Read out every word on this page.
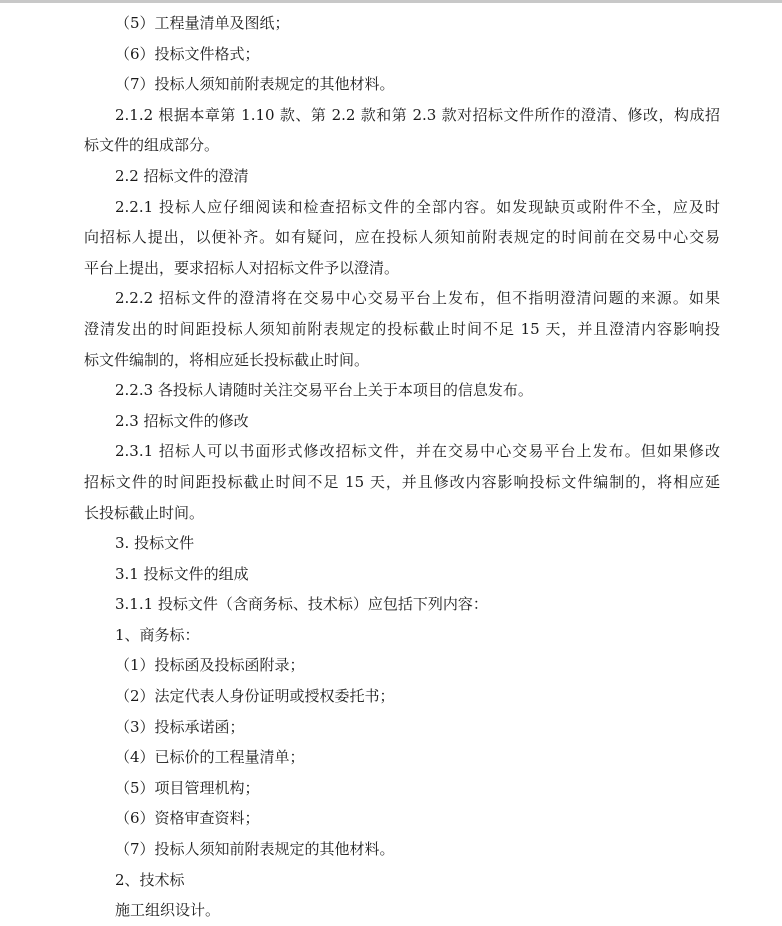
（5）工程量清单及图纸；
（6）投标文件格式；
（7）投标人须知前附表规定的其他材料。
2.1.2 根据本章第 1.10 款、第 2.2 款和第 2.3 款对招标文件所作的澄清、修改，构成招
标文件的组成部分。
2.2 招标文件的澄清
2.2.1 投标人应仔细阅读和检查招标文件的全部内容。如发现缺页或附件不全，应及时
向招标人提出，以便补齐。如有疑问，应在投标人须知前附表规定的时间前在交易中心交易
平台上提出，要求招标人对招标文件予以澄清。
2.2.2 招标文件的澄清将在交易中心交易平台上发布，但不指明澄清问题的来源。如果
澄清发出的时间距投标人须知前附表规定的投标截止时间不足 15 天，并且澄清内容影响投
标文件编制的，将相应延长投标截止时间。
2.2.3 各投标人请随时关注交易平台上关于本项目的信息发布。
2.3 招标文件的修改
2.3.1 招标人可以书面形式修改招标文件，并在交易中心交易平台上发布。但如果修改
招标文件的时间距投标截止时间不足 15 天，并且修改内容影响投标文件编制的，将相应延
长投标截止时间。
3. 投标文件
3.1 投标文件的组成
3.1.1 投标文件（含商务标、技术标）应包括下列内容：
1、商务标：
（1）投标函及投标函附录；
（2）法定代表人身份证明或授权委托书；
（3）投标承诺函；
（4）已标价的工程量清单；
（5）项目管理机构；
（6）资格审查资料；
（7）投标人须知前附表规定的其他材料。
2、技术标
施工组织设计。
